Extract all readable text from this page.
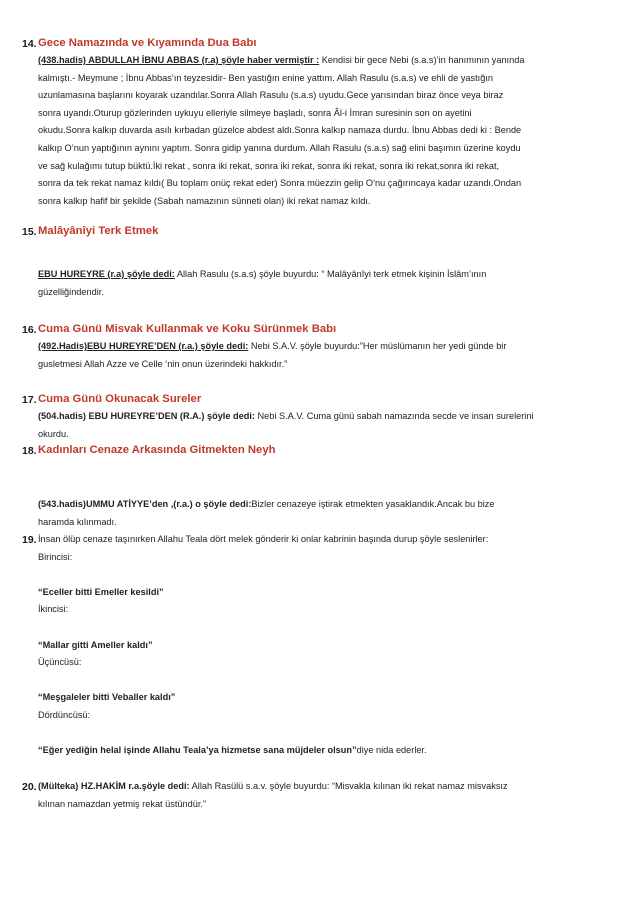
14. Gece Namazında ve Kıyamında Dua Babı
(438.hadis) ABDULLAH İBNU ABBAS (r.a) şöyle haber vermiştir : Kendisi bir gece Nebi (s.a.s)’in hanımının yanında
kalmıştı.- Meymune ; İbnu Abbas’ın teyzesidir- Ben yastığın enine yattım. Allah Rasulu (s.a.s) ve ehli de yastığın
uzunlamasına başlarını koyarak uzandılar.Sonra Allah Rasulu (s.a.s) uyudu.Gece yarısından biraz önce veya biraz
sonra uyandı.Oturup gözlerinden uykuyu elleriyle silmeye başladı, sonra Âl-i İmran suresinin son on ayetini
okudu.Sonra kalkıp duvarda asılı kırbadan güzelce abdest aldı.Sonra kalkıp namaza durdu. İbnu Abbas dedi ki : Bende
kalkıp O’nun yaptığının aynını yaptım. Sonra gidip yanına durdum. Allah Rasulu (s.a.s) sağ elini başımın üzerine koydu
ve sağ kulağımı tutup büktü.İki rekat , sonra iki rekat, sonra iki rekat, sonra iki rekat, sonra iki rekat,sonra iki rekat,
sonra da tek rekat namaz kıldı( Bu toplam onüç rekat eder) Sonra müezzin gelip O’nu çağırıncaya kadar uzandı.Ondan
sonra kalkıp hafif bir şekilde (Sabah namazının sünneti olan) iki rekat namaz kıldı.
15. Malâyânîyi Terk Etmek
EBU HUREYRE (r.a) şöyle dedi: Allah Rasulu (s.a.s) şöyle buyurdu: “ Malâyânîyi terk etmek kişinin İslâm’ının
güzelliğindendir.
16. Cuma Günü Misvak Kullanmak ve Koku Sürünmek Babı
(492.Hadis)EBU HUREYRE’DEN (r.a.) şöyle dedi: Nebi S.A.V. şöyle buyurdu:”Her müslümanın her yedi günde bir
gusletmesi Allah Azze ve Celle ‘nin onun üzerindeki hakkıdır.”
17. Cuma Günü Okunacak Sureler
(504.hadis) EBU HUREYRE’DEN (R.A.) şöyle dedi: Nebi S.A.V. Cuma günü sabah namazında secde ve insan surelerini
okurdu.
18. Kadınları Cenaze Arkasında Gitmekten Neyh
(543.hadis)UMMU ATİYYE’den ,(r.a.) o şöyle dedi:Bizler cenazeye iştirak etmekten yasaklandık.Ancak bu bize
haramda kılınmadı.
19. İnsan ölüp cenaze taşınırken Allahu Teala dört melek gönderir ki onlar kabrinin başında durup şöyle seslenirler:
Birincisi:

“Eceller bitti Emeller kesildi”
İkincisi:

“Mallar gitti Ameller kaldı”
Üçüncüsü:

“Meşgaleler bitti Veballer kaldı”
Dördüncüsü:

“Eğer yediğin helal işinde Allahu Teala’ya hizmetse sana müjdeler olsun”diye nida ederler.
20. (Mülteka) HZ.HAKİM r.a.şöyle dedi: Allah Rasülü s.a.v. şöyle buyurdu: “Misvakla kılınan iki rekat namaz misvaksız
kılınan namazdan yetmiş rekat üstündür.”
